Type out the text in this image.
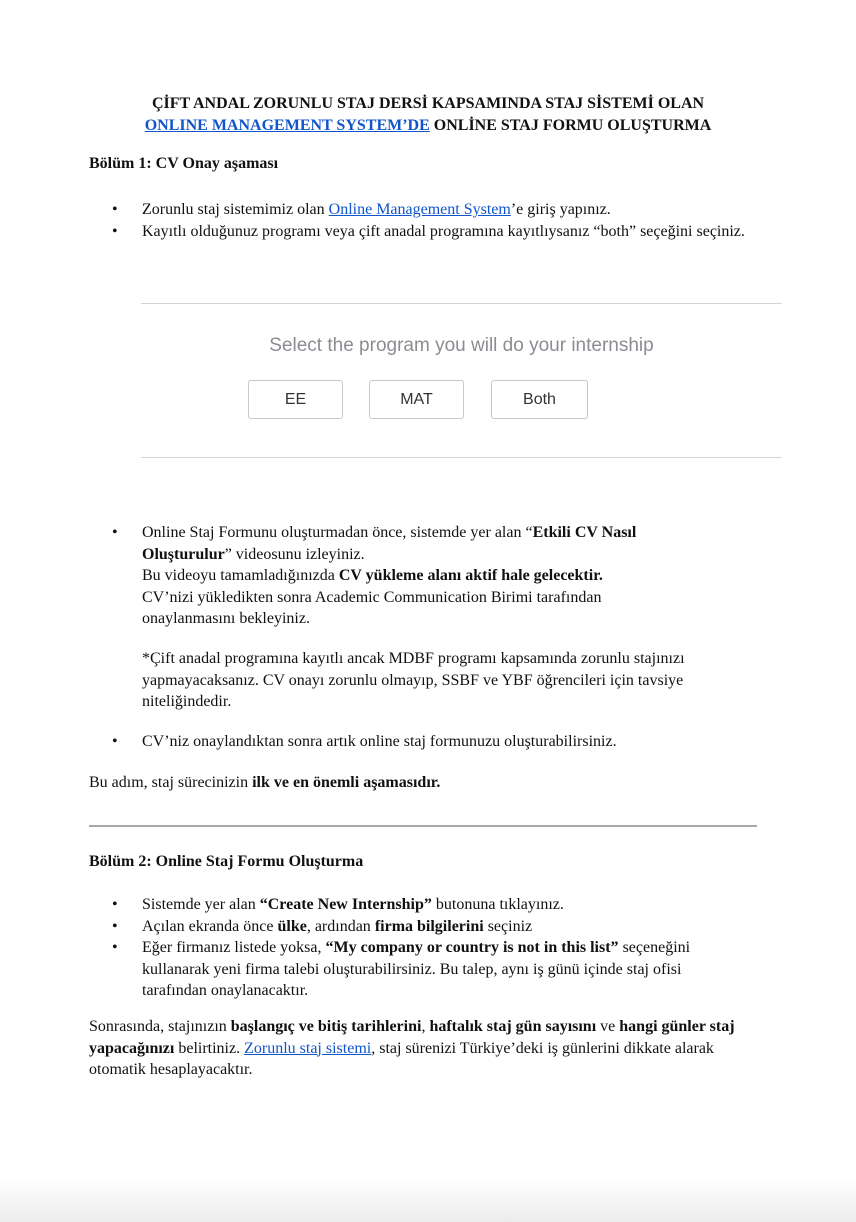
ÇİFT ANDAL ZORUNLU STAJ DERSİ KAPSAMINDA STAJ SİSTEMİ OLAN
ONLINE MANAGEMENT SYSTEM’DE ONLİNE STAJ FORMU OLUŞTURMA
Bölüm 1: CV Onay aşaması
• Zorunlu staj sistemimiz olan Online Management System’e giriş yapınız.
• Kayıtlı olduğunuz programı veya çift anadal programına kayıtlıysanız “both” seçeğini seçiniz.
Select the program you will do your internship
EE	MAT	Both
• Online Staj Formunu oluşturmadan önce, sistemde yer alan “Etkili CV Nasıl Oluşturulur” videosunu izleyiniz.
Bu videoyu tamamladığınızda CV yükleme alanı aktif hale gelecektir.
CV’nizi yükledikten sonra Academic Communication Birimi tarafından onaylanmasını bekleyiniz.
*Çift anadal programına kayıtlı ancak MDBF programı kapsamında zorunlu stajınızı yapmayacaksanız. CV onayı zorunlu olmayıp, SSBF ve YBF öğrencileri için tavsiye niteliğindedir.
• CV’niz onaylandıktan sonra artık online staj formunuzu oluşturabilirsiniz.
Bu adım, staj sürecinizin ilk ve en önemli aşamasıdır.
Bölüm 2: Online Staj Formu Oluşturma
• Sistemde yer alan “Create New Internship” butonuna tıklayınız.
• Açılan ekranda önce ülke, ardından firma bilgilerini seçiniz
• Eğer firmanız listede yoksa, “My company or country is not in this list” seçeneğini kullanarak yeni firma talebi oluşturabilirsiniz. Bu talep, aynı iş günü içinde staj ofisi tarafından onaylanacaktır.
Sonrasında, stajınızın başlangıç ve bitiş tarihlerini, haftalık staj gün sayısını ve hangi günler staj yapacağınızı belirtiniz. Zorunlu staj sistemi, staj sürenizi Türkiye’deki iş günlerini dikkate alarak otomatik hesaplayacaktır.
